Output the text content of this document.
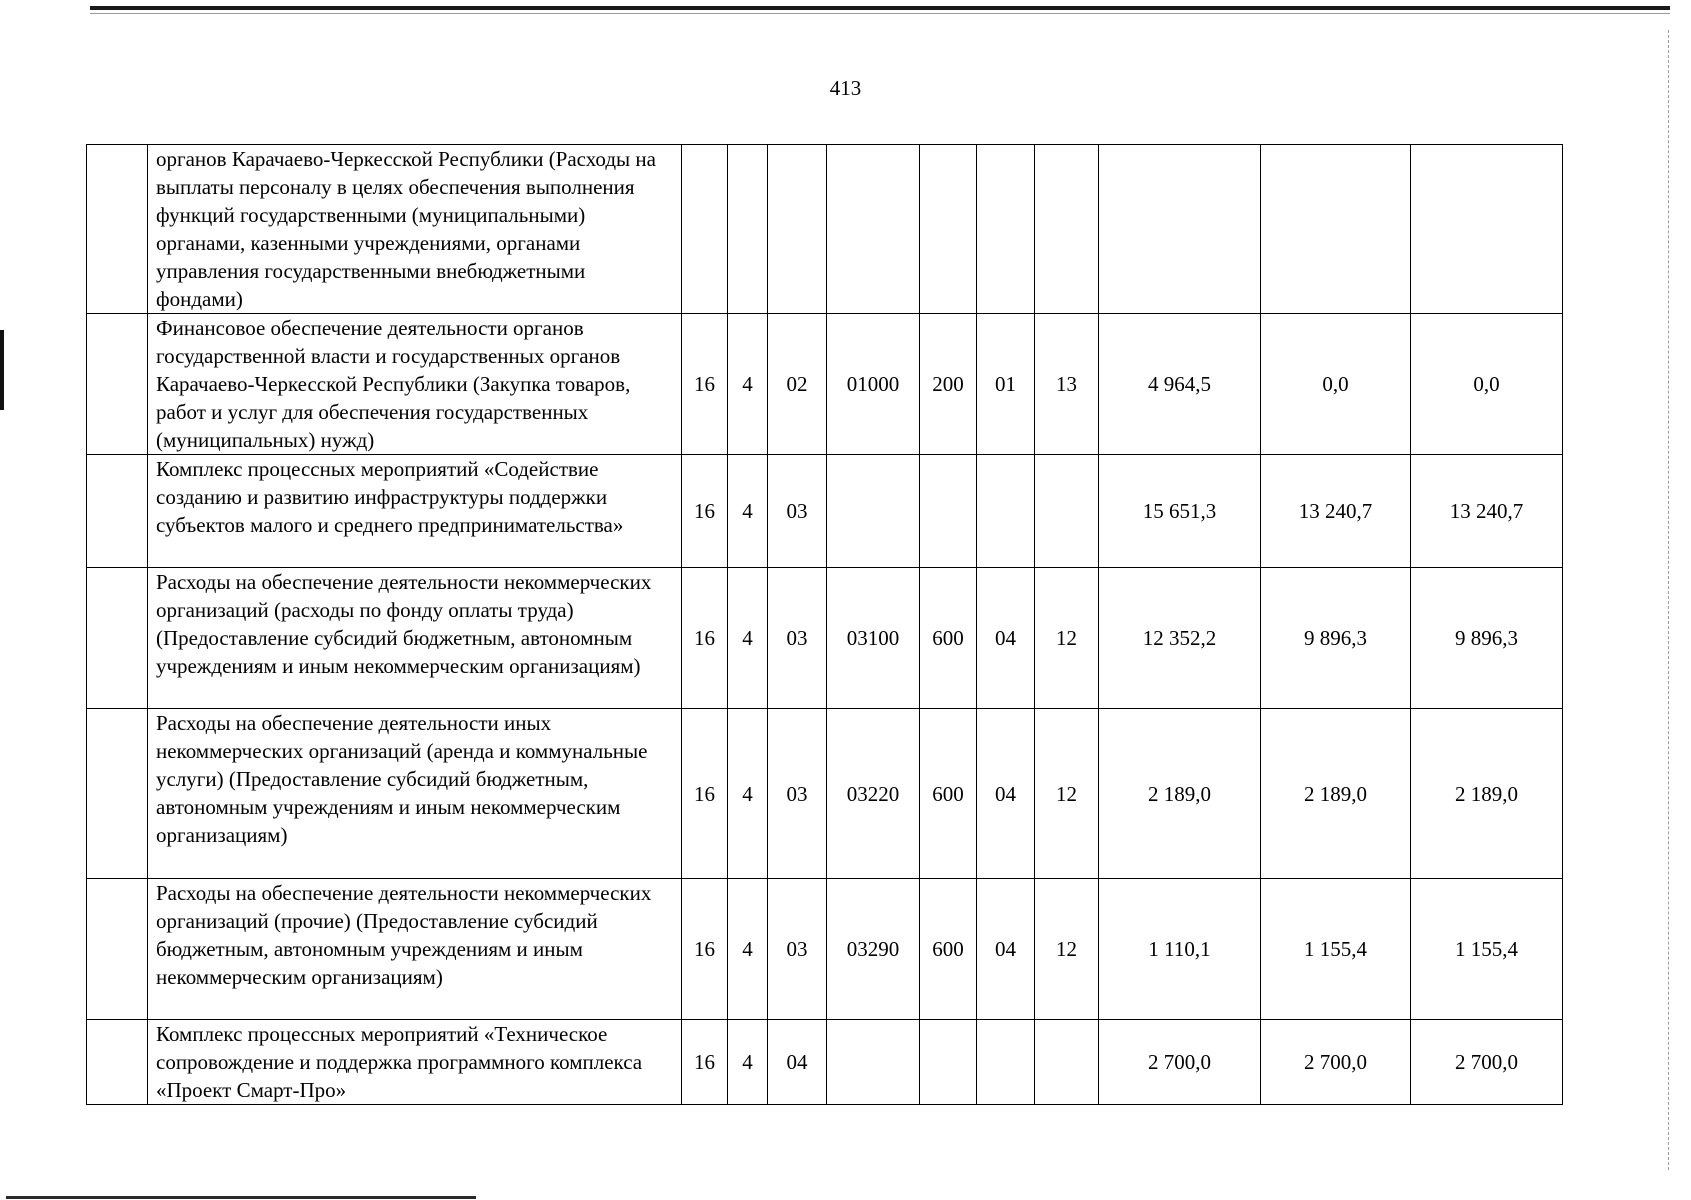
413
	органов Карачаево-Черкесской Республики (Расходы на выплаты персоналу в целях обеспечения выполнения функций государственными (муниципальными) органами, казенными учреждениями, органами управления государственными внебюджетными фондами)										
	Финансовое обеспечение деятельности органов государственной власти и государственных органов Карачаево-Черкесской Республики (Закупка товаров, работ и услуг для обеспечения государственных (муниципальных) нужд)	16	4	02	01000	200	01	13	4 964,5	0,0	0,0
	Комплекс процессных мероприятий «Содействие созданию и развитию инфраструктуры поддержки субъектов малого и среднего предпринимательства»	16	4	03					15 651,3	13 240,7	13 240,7
	Расходы на обеспечение деятельности некоммерческих организаций (расходы по фонду оплаты труда) (Предоставление субсидий бюджетным, автономным учреждениям и иным некоммерческим организациям)	16	4	03	03100	600	04	12	12 352,2	9 896,3	9 896,3
	Расходы на обеспечение деятельности иных некоммерческих организаций (аренда и коммунальные услуги) (Предоставление субсидий бюджетным, автономным учреждениям и иным некоммерческим организациям)	16	4	03	03220	600	04	12	2 189,0	2 189,0	2 189,0
	Расходы на обеспечение деятельности некоммерческих организаций (прочие) (Предоставление субсидий бюджетным, автономным учреждениям и иным некоммерческим организациям)	16	4	03	03290	600	04	12	1 110,1	1 155,4	1 155,4
	Комплекс процессных мероприятий «Техническое сопровождение и поддержка программного комплекса «Проект Смарт-Про»	16	4	04					2 700,0	2 700,0	2 700,0
